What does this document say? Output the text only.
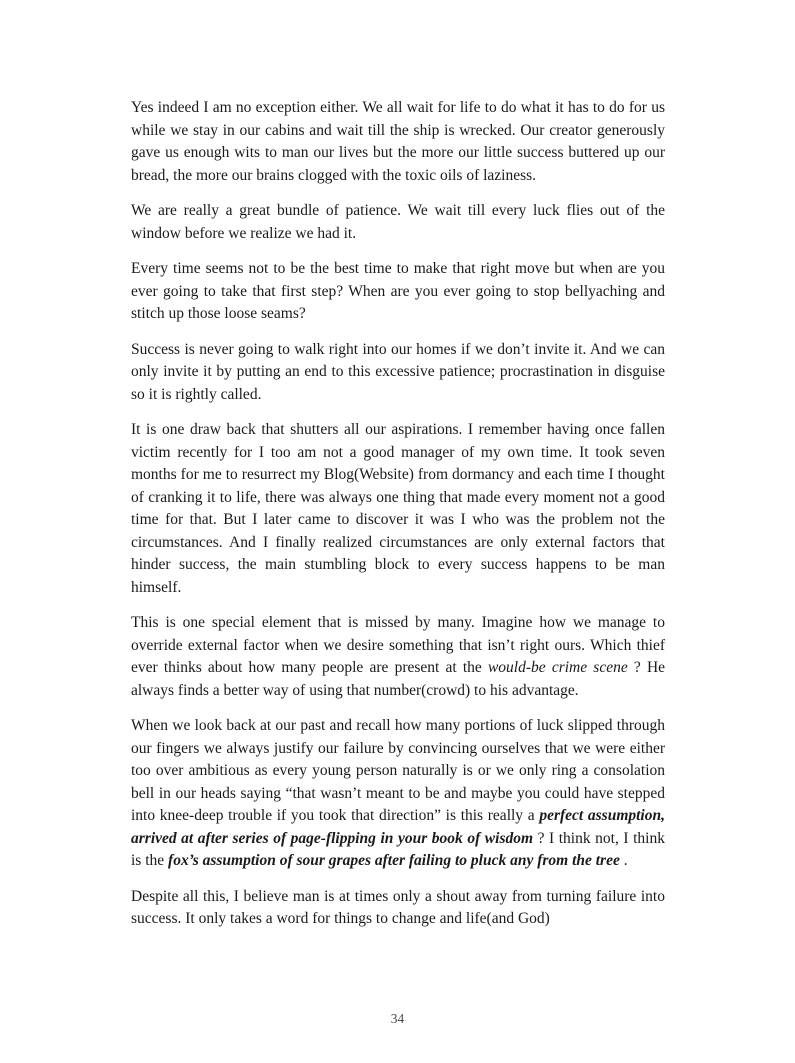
Yes indeed I am no exception either. We all wait for life to do what it has to do for us while we stay in our cabins and wait till the ship is wrecked. Our creator generously gave us enough wits to man our lives but the more our little success buttered up our bread, the more our brains clogged with the toxic oils of laziness.

We are really a great bundle of patience. We wait till every luck flies out of the window before we realize we had it.

Every time seems not to be the best time to make that right move but when are you ever going to take that first step? When are you ever going to stop bellyaching and stitch up those loose seams?

Success is never going to walk right into our homes if we don’t invite it. And we can only invite it by putting an end to this excessive patience; procrastination in disguise so it is rightly called.

It is one draw back that shutters all our aspirations. I remember having once fallen victim recently for I too am not a good manager of my own time. It took seven months for me to resurrect my Blog(Website) from dormancy and each time I thought of cranking it to life, there was always one thing that made every moment not a good time for that. But I later came to discover it was I who was the problem not the circumstances. And I finally realized circumstances are only external factors that hinder success, the main stumbling block to every success happens to be man himself.

This is one special element that is missed by many. Imagine how we manage to override external factor when we desire something that isn’t right ours. Which thief ever thinks about how many people are present at the would-be crime scene ? He always finds a better way of using that number(crowd) to his advantage.

When we look back at our past and recall how many portions of luck slipped through our fingers we always justify our failure by convincing ourselves that we were either  too over ambitious as every young person naturally is or we only ring a consolation bell in our heads saying “that wasn’t meant to be and maybe you could have stepped into knee-deep trouble if you took that direction” is this really a perfect assumption, arrived at after series of page-flipping in your book of wisdom ? I think not, I think is the fox’s assumption of sour grapes after failing to pluck any from the tree .

Despite all this, I believe man is at times only a shout away from turning failure into success. It only takes a word for things to change and life(and God)

34
